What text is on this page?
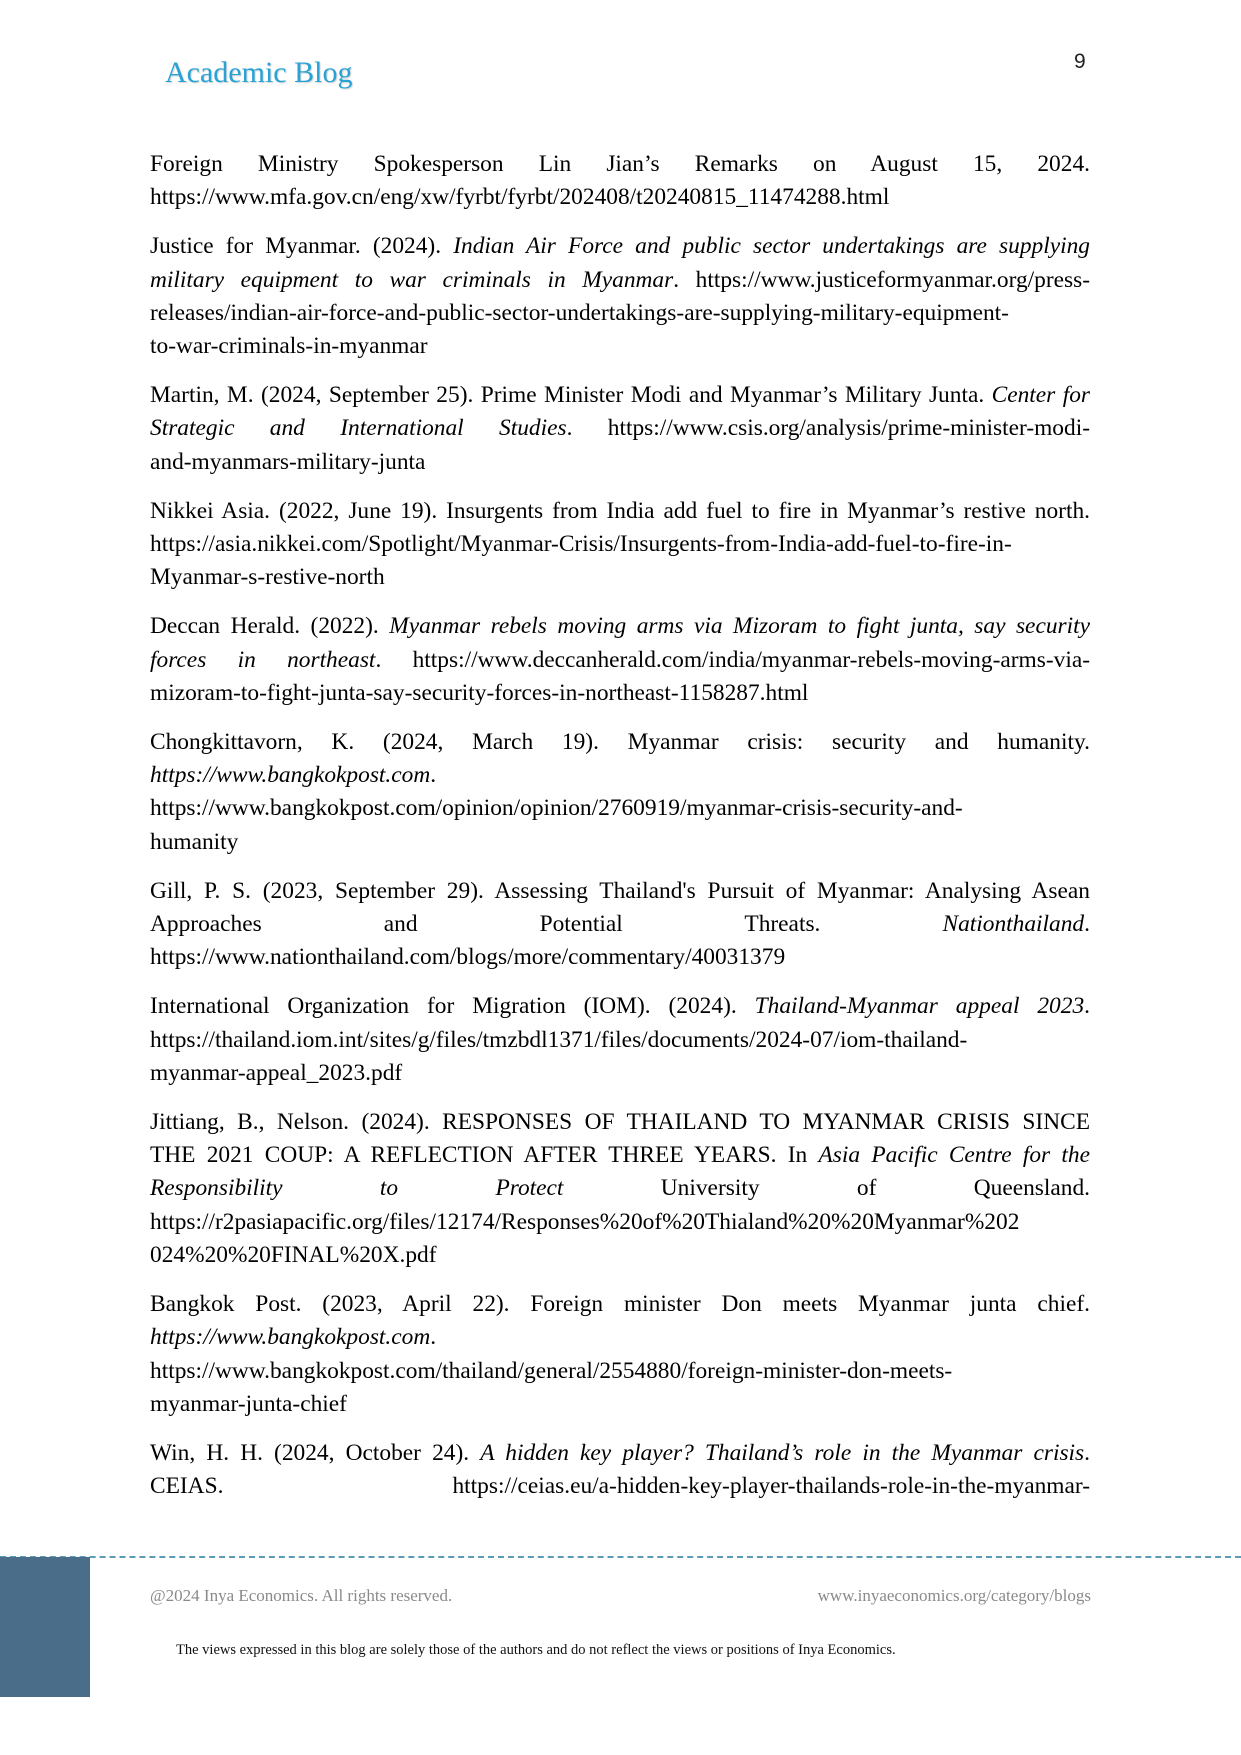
Academic Blog	9
Foreign Ministry Spokesperson Lin Jian’s Remarks on August 15, 2024.
https://www.mfa.gov.cn/eng/xw/fyrbt/fyrbt/202408/t20240815_11474288.html
Justice for Myanmar. (2024). Indian Air Force and public sector undertakings are supplying military equipment to war criminals in Myanmar. https://www.justiceformyanmar.org/press-
releases/indian-air-force-and-public-sector-undertakings-are-supplying-military-equipment-
to-war-criminals-in-myanmar
Martin, M. (2024, September 25). Prime Minister Modi and Myanmar’s Military Junta. Center for Strategic and International Studies. https://www.csis.org/analysis/prime-minister-modi-
and-myanmars-military-junta
Nikkei Asia. (2022, June 19). Insurgents from India add fuel to fire in Myanmar’s restive north.
https://asia.nikkei.com/Spotlight/Myanmar-Crisis/Insurgents-from-India-add-fuel-to-fire-in-
Myanmar-s-restive-north
Deccan Herald. (2022). Myanmar rebels moving arms via Mizoram to fight junta, say security forces in northeast. https://www.deccanherald.com/india/myanmar-rebels-moving-arms-via-
mizoram-to-fight-junta-say-security-forces-in-northeast-1158287.html
Chongkittavorn, K. (2024, March 19). Myanmar crisis: security and humanity.
https://www.bangkokpost.com.
https://www.bangkokpost.com/opinion/opinion/2760919/myanmar-crisis-security-and-
humanity
Gill, P. S. (2023, September 29). Assessing Thailand's Pursuit of Myanmar: Analysing Asean
Approaches and Potential Threats. Nationthailand.
https://www.nationthailand.com/blogs/more/commentary/40031379
International Organization for Migration (IOM). (2024). Thailand-Myanmar appeal 2023.
https://thailand.iom.int/sites/g/files/tmzbdl1371/files/documents/2024-07/iom-thailand-
myanmar-appeal_2023.pdf
Jittiang, B., Nelson. (2024). RESPONSES OF THAILAND TO MYANMAR CRISIS SINCE
THE 2021 COUP: A REFLECTION AFTER THREE YEARS. In Asia Pacific Centre for the
Responsibility to Protect University of Queensland.
https://r2pasiapacific.org/files/12174/Responses%20of%20Thialand%20%20Myanmar%202
024%20%20FINAL%20X.pdf
Bangkok Post. (2023, April 22). Foreign minister Don meets Myanmar junta chief.
https://www.bangkokpost.com.
https://www.bangkokpost.com/thailand/general/2554880/foreign-minister-don-meets-
myanmar-junta-chief
Win, H. H. (2024, October 24). A hidden key player? Thailand’s role in the Myanmar crisis.
CEIAS.                            https://ceias.eu/a-hidden-key-player-thailands-role-in-the-myanmar-
@2024 Inya Economics. All rights reserved.	www.inyaeconomics.org/category/blogs
The views expressed in this blog are solely those of the authors and do not reflect the views or positions of Inya Economics.
